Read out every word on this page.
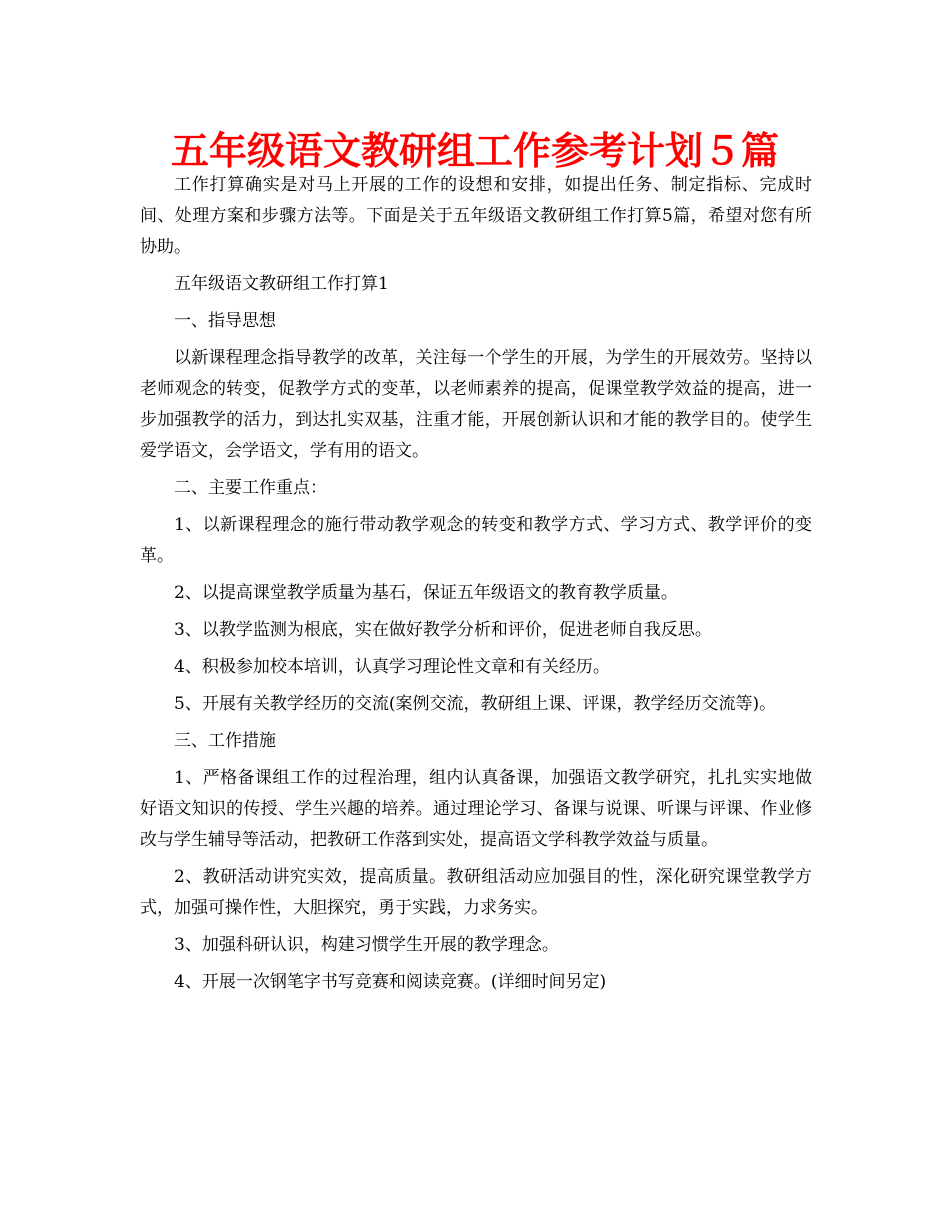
五年级语文教研组工作参考计划５篇

工作打算确实是对马上开展的工作的设想和安排，如提出任务、制定指标、完成时间、处理方案和步骤方法等。下面是关于五年级语文教研组工作打算5篇，希望对您有所协助。

五年级语文教研组工作打算1

一、指导思想

以新课程理念指导教学的改革，关注每一个学生的开展，为学生的开展效劳。坚持以老师观念的转变，促教学方式的变革，以老师素养的提高，促课堂教学效益的提高，进一步加强教学的活力，到达扎实双基，注重才能，开展创新认识和才能的教学目的。使学生爱学语文，会学语文，学有用的语文。

二、主要工作重点：

1、以新课程理念的施行带动教学观念的转变和教学方式、学习方式、教学评价的变革。

2、以提高课堂教学质量为基石，保证五年级语文的教育教学质量。

3、以教学监测为根底，实在做好教学分析和评价，促进老师自我反思。

4、积极参加校本培训，认真学习理论性文章和有关经历。

5、开展有关教学经历的交流(案例交流，教研组上课、评课，教学经历交流等)。

三、工作措施

1、严格备课组工作的过程治理，组内认真备课，加强语文教学研究，扎扎实实地做好语文知识的传授、学生兴趣的培养。通过理论学习、备课与说课、听课与评课、作业修改与学生辅导等活动，把教研工作落到实处，提高语文学科教学效益与质量。

2、教研活动讲究实效，提高质量。教研组活动应加强目的性，深化研究课堂教学方式，加强可操作性，大胆探究，勇于实践，力求务实。

3、加强科研认识，构建习惯学生开展的教学理念。

4、开展一次钢笔字书写竞赛和阅读竞赛。(详细时间另定)
